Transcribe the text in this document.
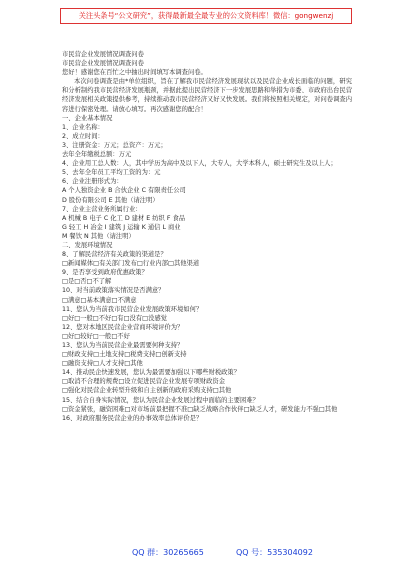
关注头条号“公文研究”，获得最新最全最专业的公文资料库！微信：gongwenzj

市民营企业发展情况调查问卷

市民营企业发展情况调查问卷

您好！感谢您在百忙之中抽出时间填写本调查问卷。

本次问卷调查是由*单位组织，旨在了解我市民营经济发展现状以及民营企业成长面临的问题，研究和分析制约我市民营经济发展瓶颈，并据此提出民营经济下一步发展思路和举措为市委、市政府出台民营经济发展相关政策提供参考，持续推动我市民营经济又好又快发展。我们将按照相关规定，对问卷调查内容进行保密处理。请放心填写。再次感谢您的配合！

一、企业基本情况

1、企业名称：

2、成立时间：

3、注册资金：万元；总资产：万元；

去年全年缴税总额：万元

4、企业用工总人数：人，其中学历为高中及以下人，大专人，大学本科人，硕士研究生及以上人；

5、去年全年员工平均工资的为：元

6、企业注册形式为：

A 个人独资企业 B 合伙企业 C 有限责任公司

D 股份有限公司 E 其他（请注明）

7、企业主营业务所属行业：

A 机械 B 电子 C 化工 D 建材 E 纺织 F 食品

G 轻工 H 冶金 I 建筑 J 运输 K 通信 L 商业

M 餐饮 N 其他（请注明）

二、发展环境情况

8、了解民营经济有关政策的渠道是？

□新闻媒体□有关部门发布□行业内部□其他渠道

9、是否享受到政府优惠政策？

□是□否□不了解

10、对当前政策落实情况是否满意？

□满意□基本满意□不满意

11、您认为当前我市民营企业发展政策环境如何？

□好□一般□不好□有□没有□没感觉

12、您对本地区民营企业营商环境评价为？

□好□较好□一般□不好

13、您认为当前民营企业最需要何种支持？

□财政支持□土地支持□税费支持□创新支持

□融资支持□人才支持□其他

14、推动民企快速发展，您认为最需要加强以下哪些财税政策？

□取消不合理的规费□设立促进民营企业发展专项财政资金

□强化对民营企业转型升级和自主创新的政府采购支持□其他

15、结合自身实际情况，您认为民营企业发展过程中面临的主要困难？

□资金紧张，融资困难□对市场前景把握不准□缺乏战略合作伙伴□缺乏人才，研发能力不强□其他

16、对政府服务民营企业的办事效率总体评价是？

QQ 群：30265665	QQ 号：535304092
